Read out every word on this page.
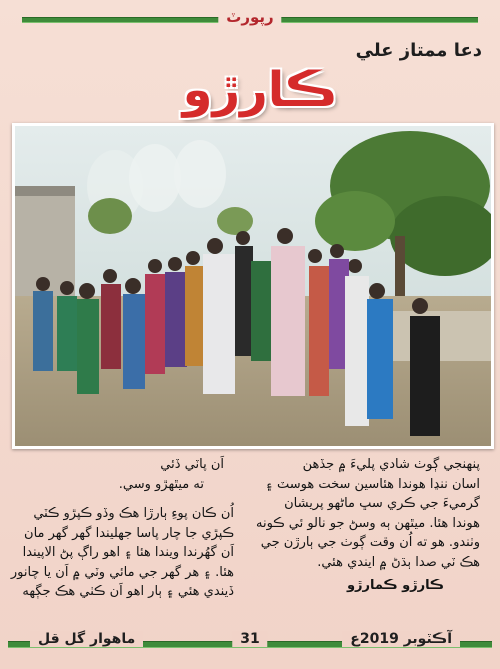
رپورٽ
دعا ممتاز علي
ڪارڙو

پنهنجي ڳوٺ شادي پليءَ ۾ جڏهن

اسان ننڍا هوندا هئاسين سخت هوسٽ ۽

گرميءَ جي ڪري سڀ ماڻهو پريشان

هوندا هئا. ميٿهن ٻه وسڻ جو نالو ئي ڪونه

وٺندو. هو ته اُن وقت ڳوٺ جي ٻارڙن جي

هڪ ٽي صدا ٻڌڻ ۾ ايندي هئي.

ڪارڙو ڪمارڙو

اَن پاٽي ڏئي

ته ميٿهڙو وسي.

اُن ڪان پوءِ ٻارڙا هڪ وڏو ڪپڙو ڪٽي

ڪپڙي جا چار پاسا جهليندا گهر گهر مان

اَن گهُرندا ويندا هئا ۽ اهو راڳ پڻ الاپيندا

هئا. ۽ هر گهر جي مائي وٽي ۾ اَن يا چانور

ڏيندي هئي ۽ ٻار اهو اَن ڪٺي هڪ جڳهه

ماهوار گل قل	31	آڪٽوبر 2019ع
